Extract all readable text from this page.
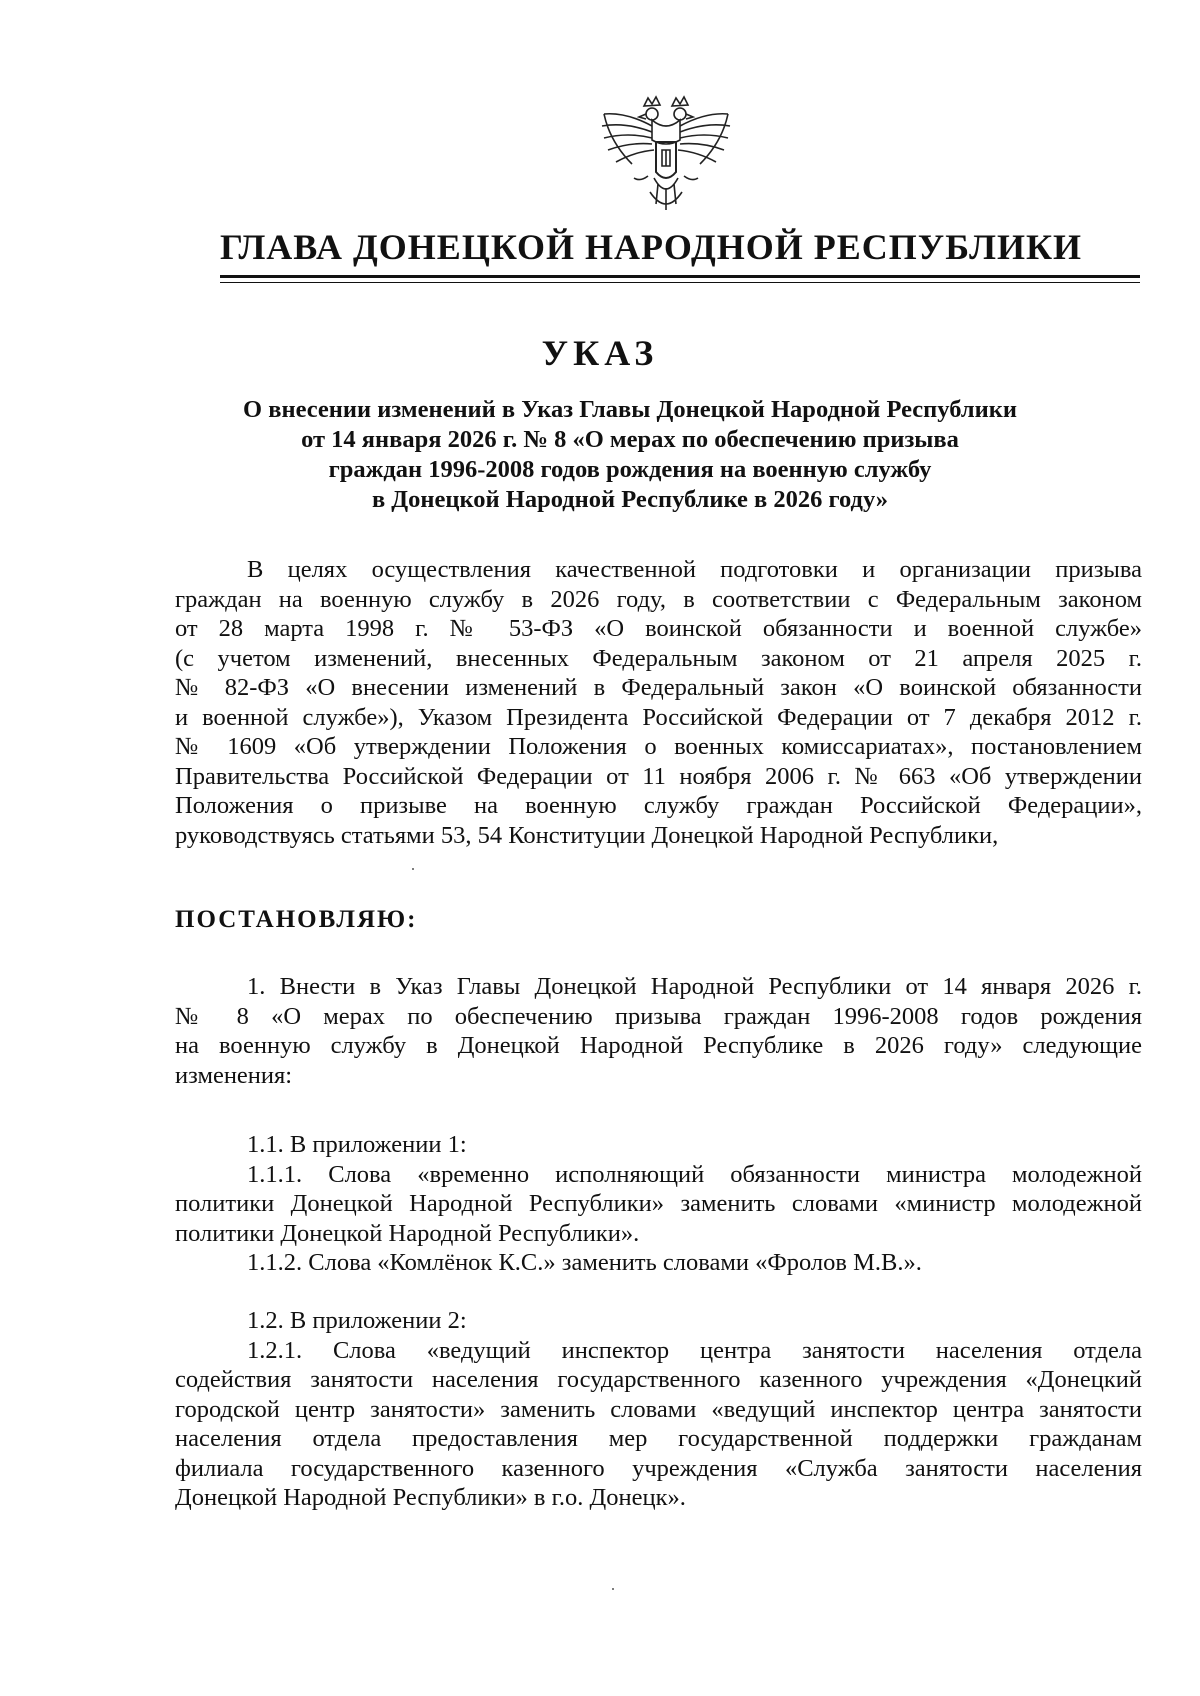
ГЛАВА ДОНЕЦКОЙ НАРОДНОЙ РЕСПУБЛИКИ
УКАЗ
О внесении изменений в Указ Главы Донецкой Народной Республики
от 14 января 2026 г. № 8 «О мерах по обеспечению призыва
граждан 1996-2008 годов рождения на военную службу
в Донецкой Народной Республике в 2026 году»
В целях осуществления качественной подготовки и организации призыва
граждан на военную службу в 2026 году, в соответствии с Федеральным законом
от 28 марта 1998 г. № 53-ФЗ «О воинской обязанности и военной службе»
(с учетом изменений, внесенных Федеральным законом от 21 апреля 2025 г.
№ 82-ФЗ «О внесении изменений в Федеральный закон «О воинской обязанности
и военной службе»), Указом Президента Российской Федерации от 7 декабря 2012 г.
№ 1609 «Об утверждении Положения о военных комиссариатах», постановлением
Правительства Российской Федерации от 11 ноября 2006 г. № 663 «Об утверждении
Положения о призыве на военную службу граждан Российской Федерации»,
руководствуясь статьями 53, 54 Конституции Донецкой Народной Республики,
ПОСТАНОВЛЯЮ:
1. Внести в Указ Главы Донецкой Народной Республики от 14 января 2026 г.
№ 8 «О мерах по обеспечению призыва граждан 1996-2008 годов рождения
на военную службу в Донецкой Народной Республике в 2026 году» следующие
изменения:
1.1. В приложении 1:
1.1.1. Слова «временно исполняющий обязанности министра молодежной
политики Донецкой Народной Республики» заменить словами «министр молодежной
политики Донецкой Народной Республики».
1.1.2. Слова «Комлёнок К.С.» заменить словами «Фролов М.В.».
1.2. В приложении 2:
1.2.1. Слова «ведущий инспектор центра занятости населения отдела
содействия занятости населения государственного казенного учреждения «Донецкий
городской центр занятости» заменить словами «ведущий инспектор центра занятости
населения отдела предоставления мер государственной поддержки гражданам
филиала государственного казенного учреждения «Служба занятости населения
Донецкой Народной Республики» в г.о. Донецк».
